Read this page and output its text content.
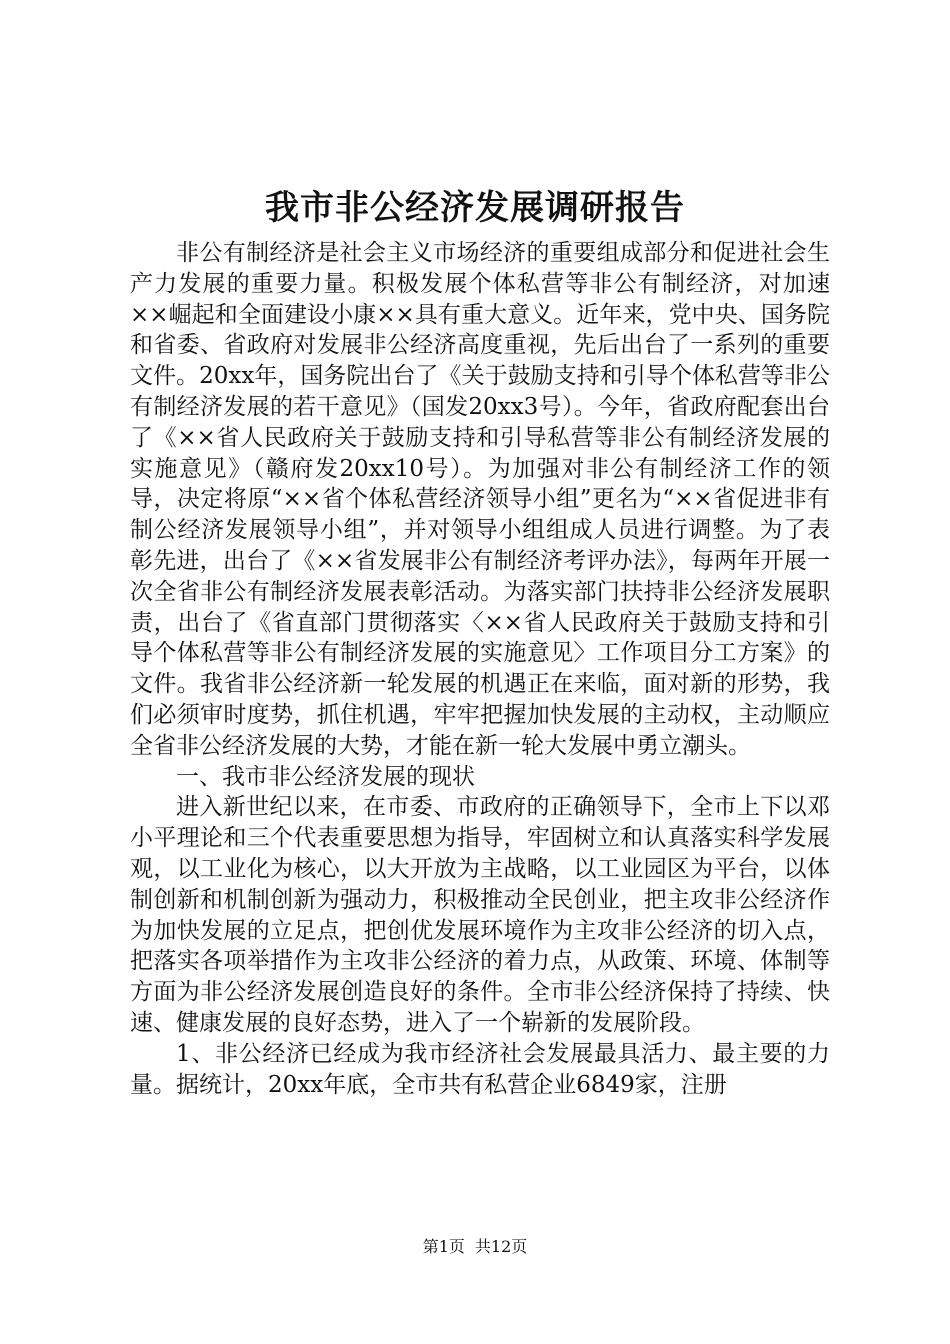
我市非公经济发展调研报告

非公有制经济是社会主义市场经济的重要组成部分和促进社会生产力发展的重要力量。积极发展个体私营等非公有制经济，对加速××崛起和全面建设小康××具有重大意义。近年来，党中央、国务院和省委、省政府对发展非公经济高度重视，先后出台了一系列的重要文件。20xx年，国务院出台了《关于鼓励支持和引导个体私营等非公有制经济发展的若干意见》（国发20xx3号）。今年，省政府配套出台了《××省人民政府关于鼓励支持和引导私营等非公有制经济发展的实施意见》（赣府发20xx10号）。为加强对非公有制经济工作的领导，决定将原“××省个体私营经济领导小组”更名为“××省促进非有制公经济发展领导小组”，并对领导小组组成人员进行调整。为了表彰先进，出台了《××省发展非公有制经济考评办法》，每两年开展一次全省非公有制经济发展表彰活动。为落实部门扶持非公经济发展职责，出台了《省直部门贯彻落实〈××省人民政府关于鼓励支持和引导个体私营等非公有制经济发展的实施意见〉工作项目分工方案》的文件。我省非公经济新一轮发展的机遇正在来临，面对新的形势，我们必须审时度势，抓住机遇，牢牢把握加快发展的主动权，主动顺应全省非公经济发展的大势，才能在新一轮大发展中勇立潮头。

一、我市非公经济发展的现状

进入新世纪以来，在市委、市政府的正确领导下，全市上下以邓小平理论和三个代表重要思想为指导，牢固树立和认真落实科学发展观，以工业化为核心，以大开放为主战略，以工业园区为平台，以体制创新和机制创新为强动力，积极推动全民创业，把主攻非公经济作为加快发展的立足点，把创优发展环境作为主攻非公经济的切入点，把落实各项举措作为主攻非公经济的着力点，从政策、环境、体制等方面为非公经济发展创造良好的条件。全市非公经济保持了持续、快速、健康发展的良好态势，进入了一个崭新的发展阶段。

1、非公经济已经成为我市经济社会发展最具活力、最主要的力量。据统计，20xx年底，全市共有私营企业6849家，注册

第1页 共12页
